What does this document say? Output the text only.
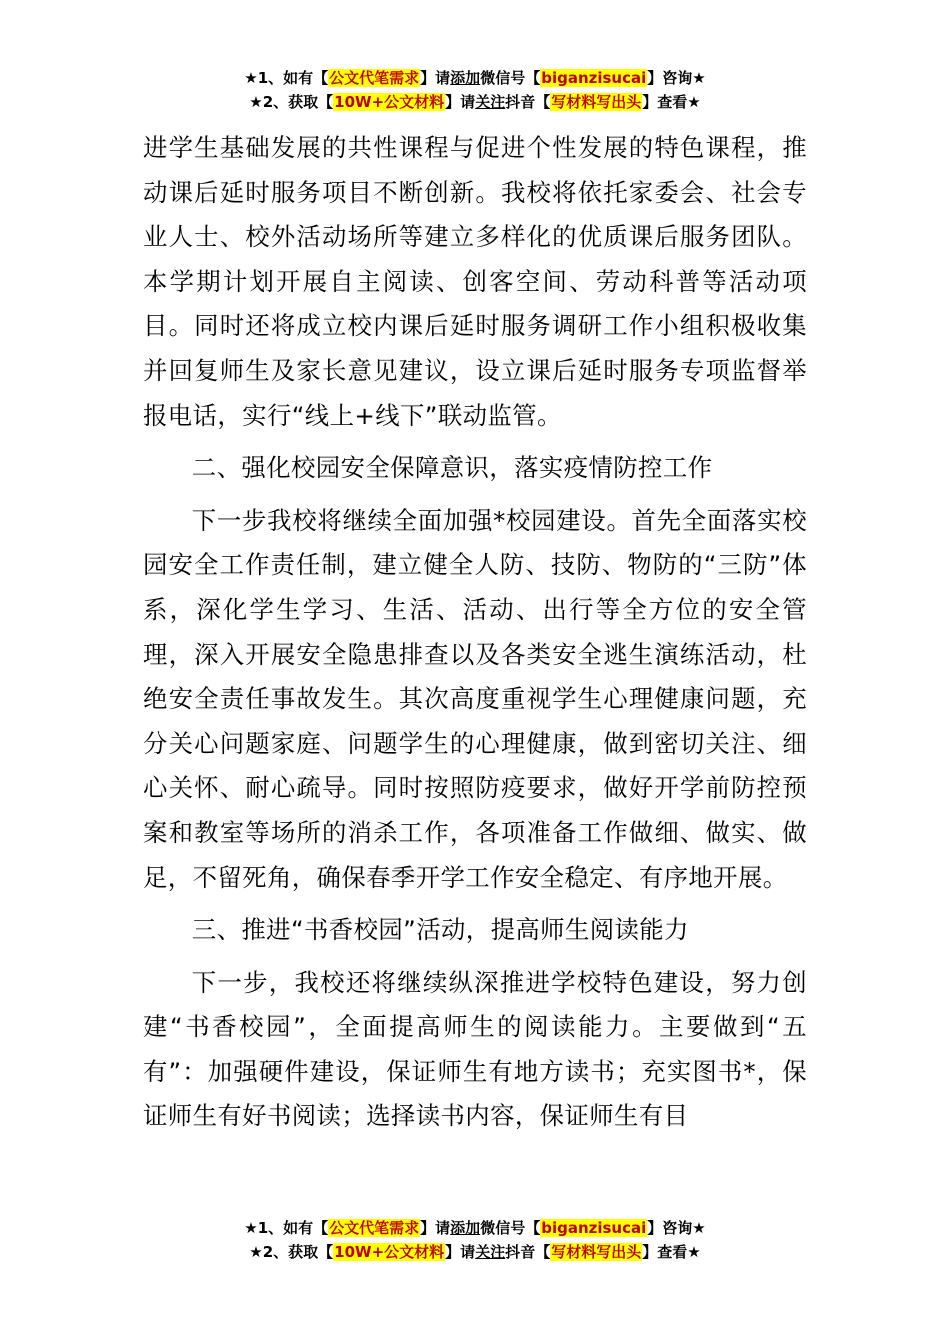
★1、如有【公文代笔需求】请添加微信号【biganzisucai】咨询★
★2、获取【10W+公文材料】请关注抖音【写材料写出头】查看★

进学生基础发展的共性课程与促进个性发展的特色课程，推动课后延时服务项目不断创新。我校将依托家委会、社会专业人士、校外活动场所等建立多样化的优质课后服务团队。本学期计划开展自主阅读、创客空间、劳动科普等活动项目。同时还将成立校内课后延时服务调研工作小组积极收集并回复师生及家长意见建议，设立课后延时服务专项监督举报电话，实行“线上+线下”联动监管。

二、强化校园安全保障意识，落实疫情防控工作

下一步我校将继续全面加强*校园建设。首先全面落实校园安全工作责任制，建立健全人防、技防、物防的“三防”体系，深化学生学习、生活、活动、出行等全方位的安全管理，深入开展安全隐患排查以及各类安全逃生演练活动，杜绝安全责任事故发生。其次高度重视学生心理健康问题，充分关心问题家庭、问题学生的心理健康，做到密切关注、细心关怀、耐心疏导。同时按照防疫要求，做好开学前防控预案和教室等场所的消杀工作，各项准备工作做细、做实、做足，不留死角，确保春季开学工作安全稳定、有序地开展。

三、推进“书香校园”活动，提高师生阅读能力

下一步，我校还将继续纵深推进学校特色建设，努力创建“书香校园”，全面提高师生的阅读能力。主要做到“五有”：加强硬件建设，保证师生有地方读书；充实图书*，保证师生有好书阅读；选择读书内容，保证师生有目

★1、如有【公文代笔需求】请添加微信号【biganzisucai】咨询★
★2、获取【10W+公文材料】请关注抖音【写材料写出头】查看★
